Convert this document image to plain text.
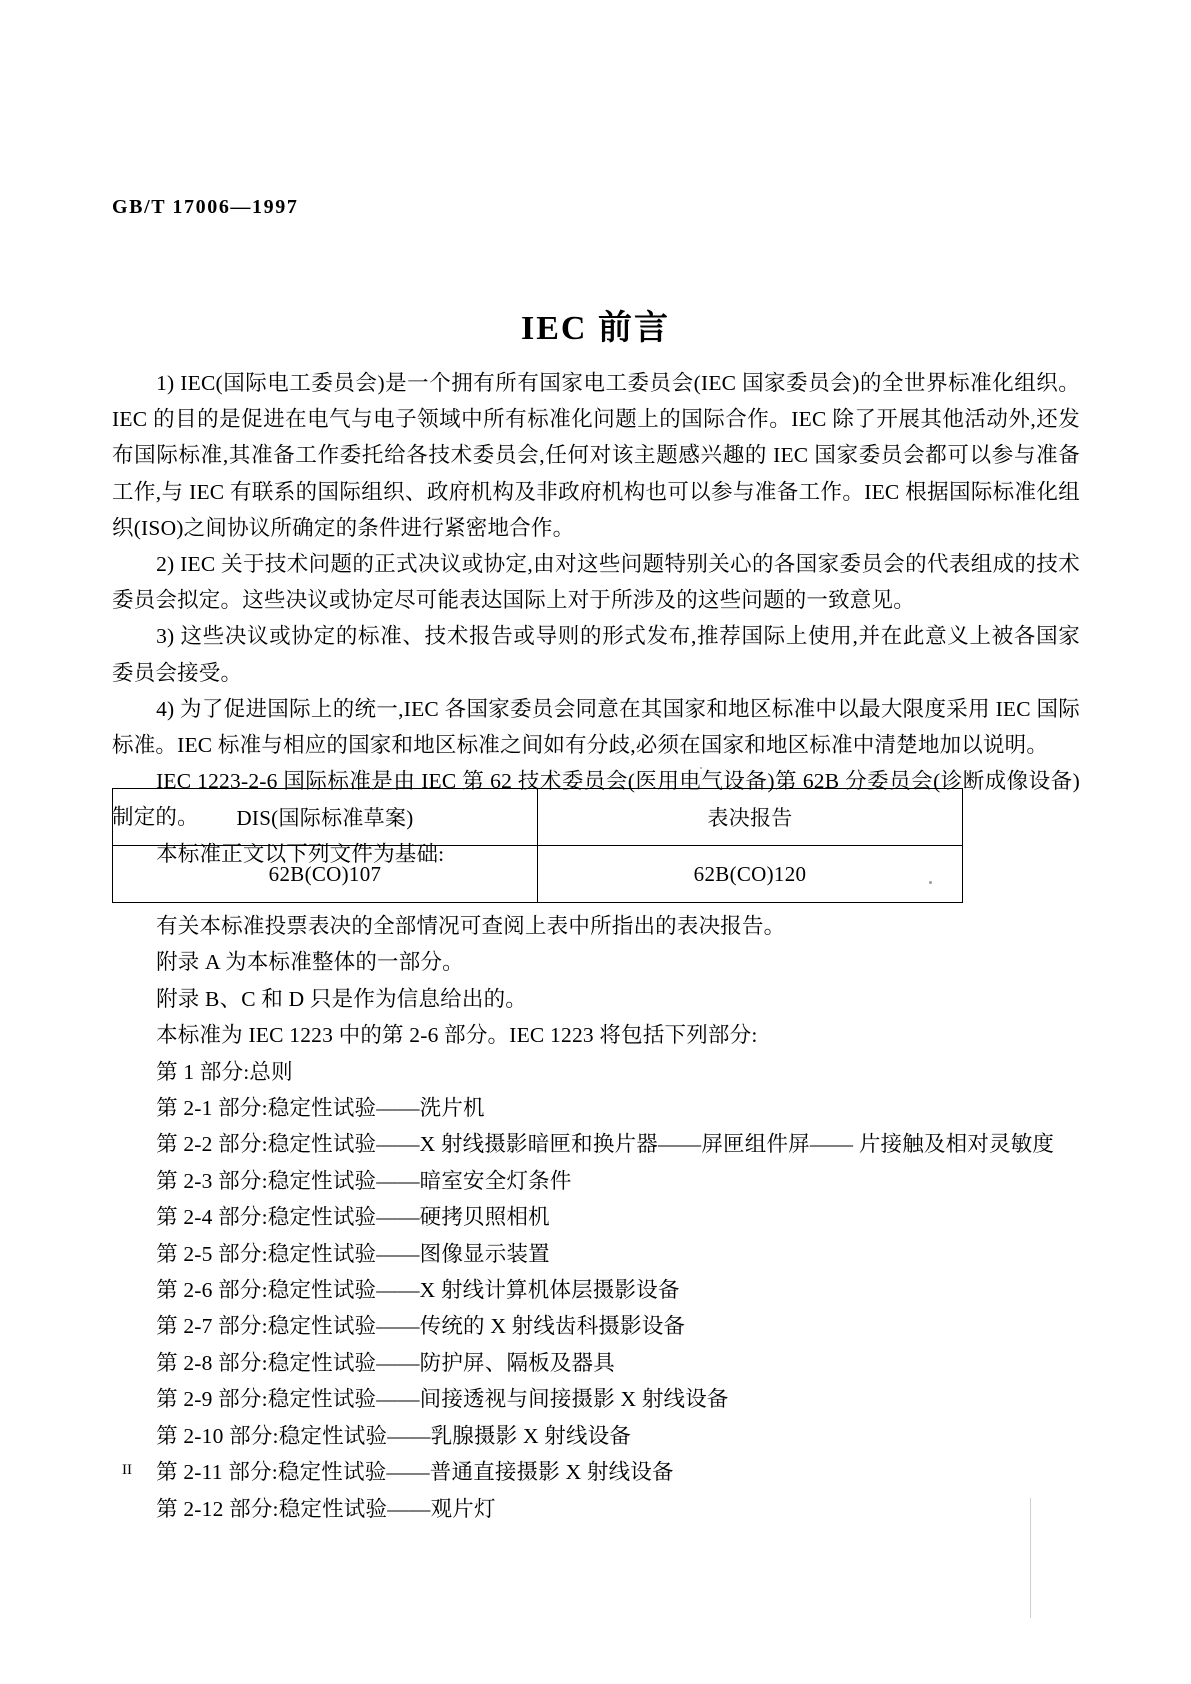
GB/T 17006—1997
IEC 前言

1) IEC(国际电工委员会)是一个拥有所有国家电工委员会(IEC 国家委员会)的全世界标准化组织。IEC 的目的是促进在电气与电子领域中所有标准化问题上的国际合作。IEC 除了开展其他活动外,还发布国际标准,其准备工作委托给各技术委员会,任何对该主题感兴趣的 IEC 国家委员会都可以参与准备工作,与 IEC 有联系的国际组织、政府机构及非政府机构也可以参与准备工作。IEC 根据国际标准化组织(ISO)之间协议所确定的条件进行紧密地合作。

2) IEC 关于技术问题的正式决议或协定,由对这些问题特别关心的各国家委员会的代表组成的技术委员会拟定。这些决议或协定尽可能表达国际上对于所涉及的这些问题的一致意见。

3) 这些决议或协定的标准、技术报告或导则的形式发布,推荐国际上使用,并在此意义上被各国家委员会接受。

4) 为了促进国际上的统一,IEC 各国家委员会同意在其国家和地区标准中以最大限度采用 IEC 国际标准。IEC 标准与相应的国家和地区标准之间如有分歧,必须在国家和地区标准中清楚地加以说明。

IEC 1223-2-6 国际标准是由 IEC 第 62 技术委员会(医用电气设备)第 62B 分委员会(诊断成像设备)制定的。

本标准正文以下列文件为基础:

DIS(国际标准草案)	表决报告
62B(CO)107	62B(CO)120

有关本标准投票表决的全部情况可查阅上表中所指出的表决报告。

附录 A 为本标准整体的一部分。

附录 B、C 和 D 只是作为信息给出的。

本标准为 IEC 1223 中的第 2-6 部分。IEC 1223 将包括下列部分:

第 1 部分:总则

第 2-1 部分:稳定性试验——洗片机

第 2-2 部分:稳定性试验——X 射线摄影暗匣和换片器——屏匣组件屏—— 片接触及相对灵敏度

第 2-3 部分:稳定性试验——暗室安全灯条件

第 2-4 部分:稳定性试验——硬拷贝照相机

第 2-5 部分:稳定性试验——图像显示装置

第 2-6 部分:稳定性试验——X 射线计算机体层摄影设备

第 2-7 部分:稳定性试验——传统的 X 射线齿科摄影设备

第 2-8 部分:稳定性试验——防护屏、隔板及器具

第 2-9 部分:稳定性试验——间接透视与间接摄影 X 射线设备

第 2-10 部分:稳定性试验——乳腺摄影 X 射线设备

第 2-11 部分:稳定性试验——普通直接摄影 X 射线设备

第 2-12 部分:稳定性试验——观片灯

II
